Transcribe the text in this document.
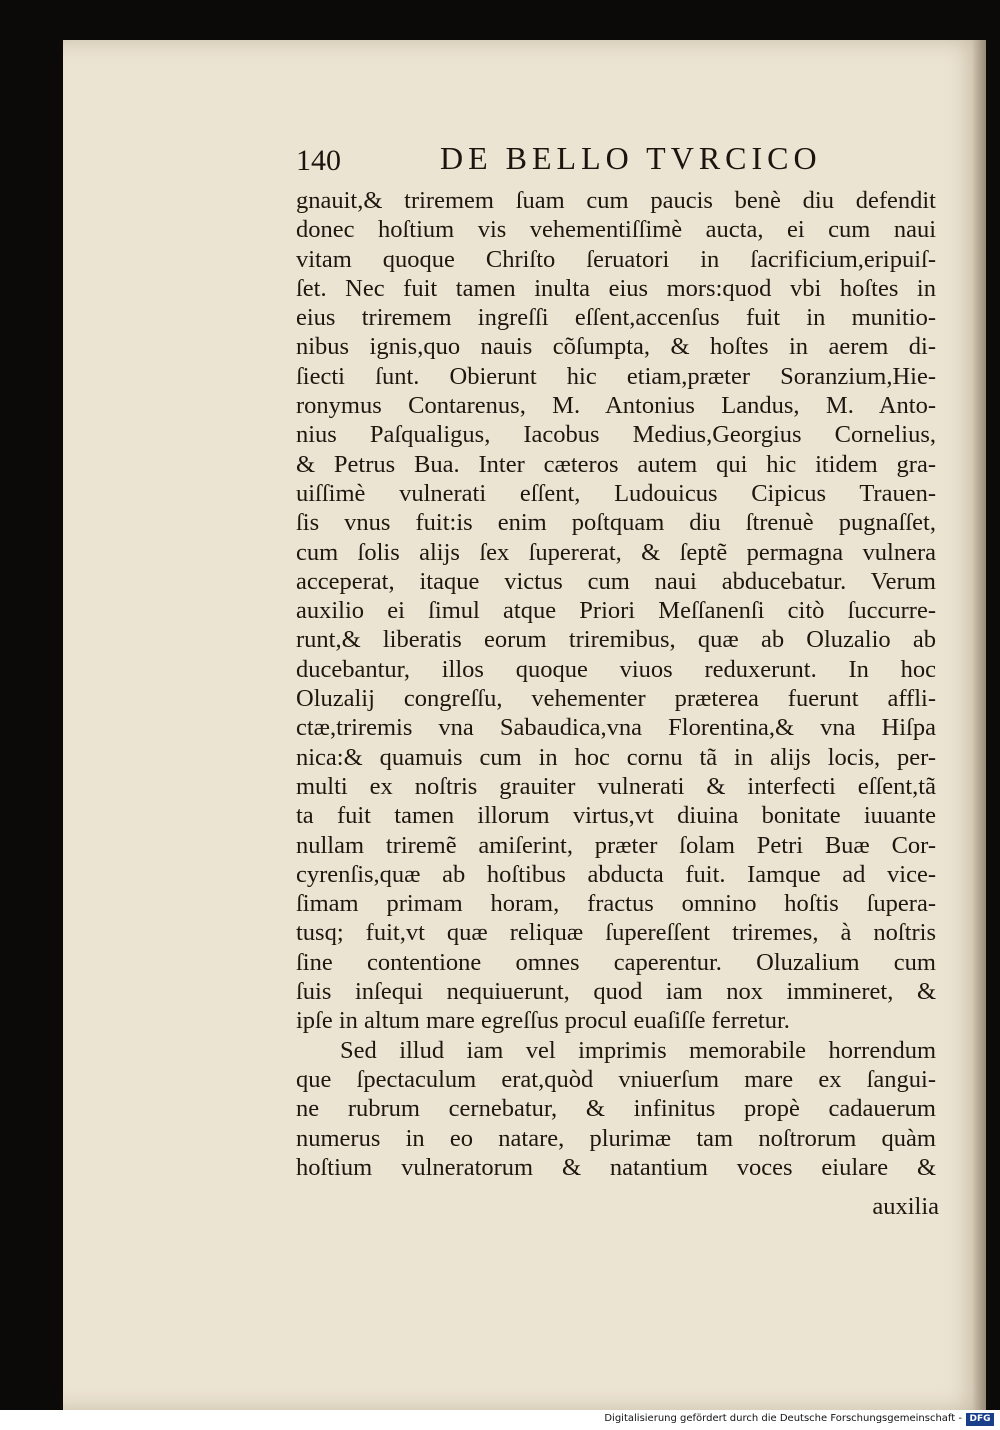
140	DE BELLO TVRCICO
gnauit,& triremem ſuam cum paucis benè diu defendit
donec hoſtium vis vehementiſſimè aucta, ei cum naui
vitam quoque Chriſto ſeruatori in ſacrificium,eripuiſ-
ſet. Nec fuit tamen inulta eius mors:quod vbi hoſtes in
eius triremem ingreſſi eſſent,accenſus fuit in munitio-
nibus ignis,quo nauis cõſumpta, & hoſtes in aerem di-
ſiecti ſunt. Obierunt hic etiam,præter Soranzium,Hie-
ronymus Contarenus, M. Antonius Landus, M. Anto-
nius Paſqualigus, Iacobus Medius,Georgius Cornelius,
& Petrus Bua. Inter cæteros autem qui hic itidem gra-
uiſſimè vulnerati eſſent, Ludouicus Cipicus Trauen-
ſis vnus fuit:is enim poſtquam diu ſtrenuè pugnaſſet,
cum ſolis alijs ſex ſupererat, & ſeptẽ permagna vulnera
acceperat, itaque victus cum naui abducebatur. Verum
auxilio ei ſimul atque Priori Meſſanenſi citò ſuccurre-
runt,& liberatis eorum triremibus, quæ ab Oluzalio ab
ducebantur, illos quoque viuos reduxerunt. In hoc
Oluzalij congreſſu, vehementer præterea fuerunt affli-
ctæ,triremis vna Sabaudica,vna Florentina,& vna Hiſpa
nica:& quamuis cum in hoc cornu tã in alijs locis, per-
multi ex noſtris grauiter vulnerati & interfecti eſſent,tã
ta fuit tamen illorum virtus,vt diuina bonitate iuuante
nullam triremẽ amiſerint, præter ſolam Petri Buæ Cor-
cyrenſis,quæ ab hoſtibus abducta fuit. Iamque ad vice-
ſimam primam horam, fractus omnino hoſtis ſupera-
tusq; fuit,vt quæ reliquæ ſupereſſent triremes, à noſtris
ſine contentione omnes caperentur. Oluzalium cum
ſuis inſequi nequiuerunt, quod iam nox immineret, &
ipſe in altum mare egreſſus procul euaſiſſe ferretur.
Sed illud iam vel imprimis memorabile horrendum
que ſpectaculum erat,quòd vniuerſum mare ex ſangui-
ne rubrum cernebatur, & infinitus propè cadauerum
numerus in eo natare, plurimæ tam noſtrorum quàm
hoſtium vulneratorum & natantium voces eiulare &
auxilia
Digitalisierung gefördert durch die Deutsche Forschungsgemeinschaft - DFG
